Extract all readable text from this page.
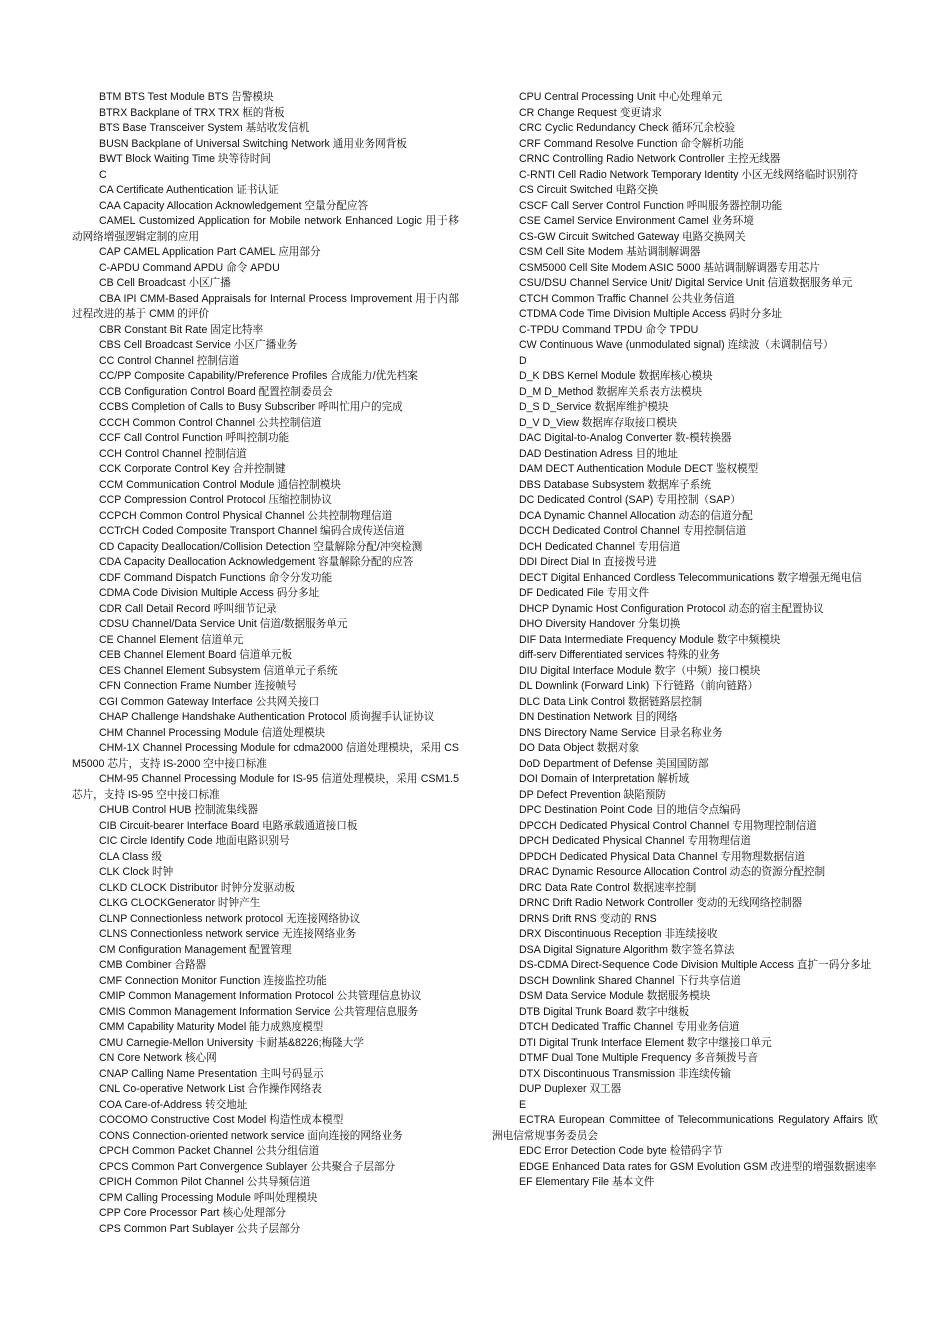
BTM BTS Test Module BTS 告警模块
BTRX Backplane of TRX TRX 框的背板
BTS Base Transceiver System 基站收发信机
BUSN Backplane of Universal Switching Network 通用业务网背板
BWT Block Waiting Time 块等待时间
C
CA Certificate Authentication 证书认证
CAA Capacity Allocation Acknowledgement 空量分配应答
CAMEL Customized Application for Mobile network Enhanced Logic 用于移动网络增强逻辑定制的应用
CAP CAMEL Application Part CAMEL 应用部分
C-APDU Command APDU 命令 APDU
CB Cell Broadcast 小区广播
CBA IPI CMM-Based Appraisals for Internal Process Improvement 用于内部过程改进的基于 CMM 的评价
CBR Constant Bit Rate 固定比特率
CBS Cell Broadcast Service 小区广播业务
CC Control Channel 控制信道
CC/PP Composite Capability/Preference Profiles 合成能力/优先档案
CCB Configuration Control Board 配置控制委员会
CCBS Completion of Calls to Busy Subscriber 呼叫忙用户的完成
CCCH Common Control Channel 公共控制信道
CCF Call Control Function 呼叫控制功能
CCH Control Channel 控制信道
CCK Corporate Control Key 合并控制键
CCM Communication Control Module 通信控制模块
CCP Compression Control Protocol 压缩控制协议
CCPCH Common Control Physical Channel 公共控制物理信道
CCTrCH Coded Composite Transport Channel 编码合成传送信道
CD Capacity Deallocation/Collision Detection 空量解除分配/冲突检测
CDA Capacity Deallocation Acknowledgement 容量解除分配的应答
CDF Command Dispatch Functions 命令分发功能
CDMA Code Division Multiple Access 码分多址
CDR Call Detail Record 呼叫细节记录
CDSU Channel/Data Service Unit 信道/数据服务单元
CE Channel Element 信道单元
CEB Channel Element Board 信道单元板
CES Channel Element Subsystem 信道单元子系统
CFN Connection Frame Number 连接帧号
CGI Common Gateway Interface 公共网关接口
CHAP Challenge Handshake Authentication Protocol 质询握手认证协议
CHM Channel Processing Module 信道处理模块
CHM-1X Channel Processing Module for cdma2000 信道处理模块，采用 CSM5000 芯片，支持 IS-2000 空中接口标准
CHM-95 Channel Processing Module for IS-95 信道处理模块，采用 CSM1.5 芯片，支持 IS-95 空中接口标准
CHUB Control HUB 控制流集线器
CIB Circuit-bearer Interface Board 电路承载通道接口板
CIC Circle Identify Code 地面电路识别号
CLA Class 级
CLK Clock 时钟
CLKD CLOCK Distributor 时钟分发驱动板
CLKG CLOCKGenerator 时钟产生
CLNP Connectionless network protocol 无连接网络协议
CLNS Connectionless network service 无连接网络业务
CM Configuration Management 配置管理
CMB Combiner 合路器
CMF Connection Monitor Function 连接监控功能
CMIP Common Management Information Protocol 公共管理信息协议
CMIS Common Management Information Service 公共管理信息服务
CMM Capability Maturity Model 能力成熟度模型
CMU Carnegie-Mellon University 卡耐基&8226;梅隆大学
CN Core Network 核心网
CNAP Calling Name Presentation 主叫号码显示
CNL Co-operative Network List 合作操作网络表
COA Care-of-Address 转交地址
COCOMO Constructive Cost Model 构造性成本模型
CONS Connection-oriented network service 面向连接的网络业务
CPCH Common Packet Channel 公共分组信道
CPCS Common Part Convergence Sublayer 公共聚合子层部分
CPICH Common Pilot Channel 公共导频信道
CPM Calling Processing Module 呼叫处理模块
CPP Core Processor Part 核心处理部分
CPS Common Part Sublayer 公共子层部分
CPU Central Processing Unit 中心处理单元
CR Change Request 变更请求
CRC Cyclic Redundancy Check 循环冗余校验
CRF Command Resolve Function 命令解析功能
CRNC Controlling Radio Network Controller 主控无线器
C-RNTI Cell Radio Network Temporary Identity 小区无线网络临时识别符
CS Circuit Switched 电路交换
CSCF Call Server Control Function 呼叫服务器控制功能
CSE Camel Service Environment Camel 业务环境
CS-GW Circuit Switched Gateway 电路交换网关
CSM Cell Site Modem 基站调制解调器
CSM5000 Cell Site Modem ASIC 5000 基站调制解调器专用芯片
CSU/DSU Channel Service Unit/ Digital Service Unit 信道数据服务单元
CTCH Common Traffic Channel 公共业务信道
CTDMA Code Time Division Multiple Access 码时分多址
C-TPDU Command TPDU 命令 TPDU
CW Continuous Wave (unmodulated signal) 连续波（未调制信号）
D
D_K DBS Kernel Module 数据库核心模块
D_M D_Method 数据库关系表方法模块
D_S D_Service 数据库维护模块
D_V D_View 数据库存取接口模块
DAC Digital-to-Analog Converter 数-模转换器
DAD Destination Adress 目的地址
DAM DECT Authentication Module DECT 鉴权模型
DBS Database Subsystem 数据库子系统
DC Dedicated Control (SAP) 专用控制（SAP）
DCA Dynamic Channel Allocation 动态的信道分配
DCCH Dedicated Control Channel 专用控制信道
DCH Dedicated Channel 专用信道
DDI Direct Dial In 直接拨号进
DECT Digital Enhanced Cordless Telecommunications 数字增强无绳电信
DF Dedicated File 专用文件
DHCP Dynamic Host Configuration Protocol 动态的宿主配置协议
DHO Diversity Handover 分集切换
DIF Data Intermediate Frequency Module 数字中频模块
diff-serv Differentiated services 特殊的业务
DIU Digital Interface Module 数字（中频）接口模块
DL Downlink (Forward Link) 下行链路（前向链路）
DLC Data Link Control 数据链路层控制
DN Destination Network 目的网络
DNS Directory Name Service 目录名称业务
DO Data Object 数据对象
DoD Department of Defense 美国国防部
DOI Domain of Interpretation 解析域
DP Defect Prevention 缺陷预防
DPC Destination Point Code 目的地信令点编码
DPCCH Dedicated Physical Control Channel 专用物理控制信道
DPCH Dedicated Physical Channel 专用物理信道
DPDCH Dedicated Physical Data Channel 专用物理数据信道
DRAC Dynamic Resource Allocation Control 动态的资源分配控制
DRC Data Rate Control 数据速率控制
DRNC Drift Radio Network Controller 变动的无线网络控制器
DRNS Drift RNS 变动的 RNS
DRX Discontinuous Reception 非连续接收
DSA Digital Signature Algorithm 数字签名算法
DS-CDMA Direct-Sequence Code Division Multiple Access 直扩一码分多址
DSCH Downlink Shared Channel 下行共享信道
DSM Data Service Module 数据服务模块
DTB Digital Trunk Board 数字中继板
DTCH Dedicated Traffic Channel 专用业务信道
DTI Digital Trunk Interface Element 数字中继接口单元
DTMF Dual Tone Multiple Frequency 多音频拨号音
DTX Discontinuous Transmission 非连续传输
DUP Duplexer 双工器
E
ECTRA European Committee of Telecommunications Regulatory Affairs 欧洲电信常规事务委员会
EDC Error Detection Code byte 检错码字节
EDGE Enhanced Data rates for GSM Evolution GSM 改进型的增强数据速率
EF Elementary File 基本文件
